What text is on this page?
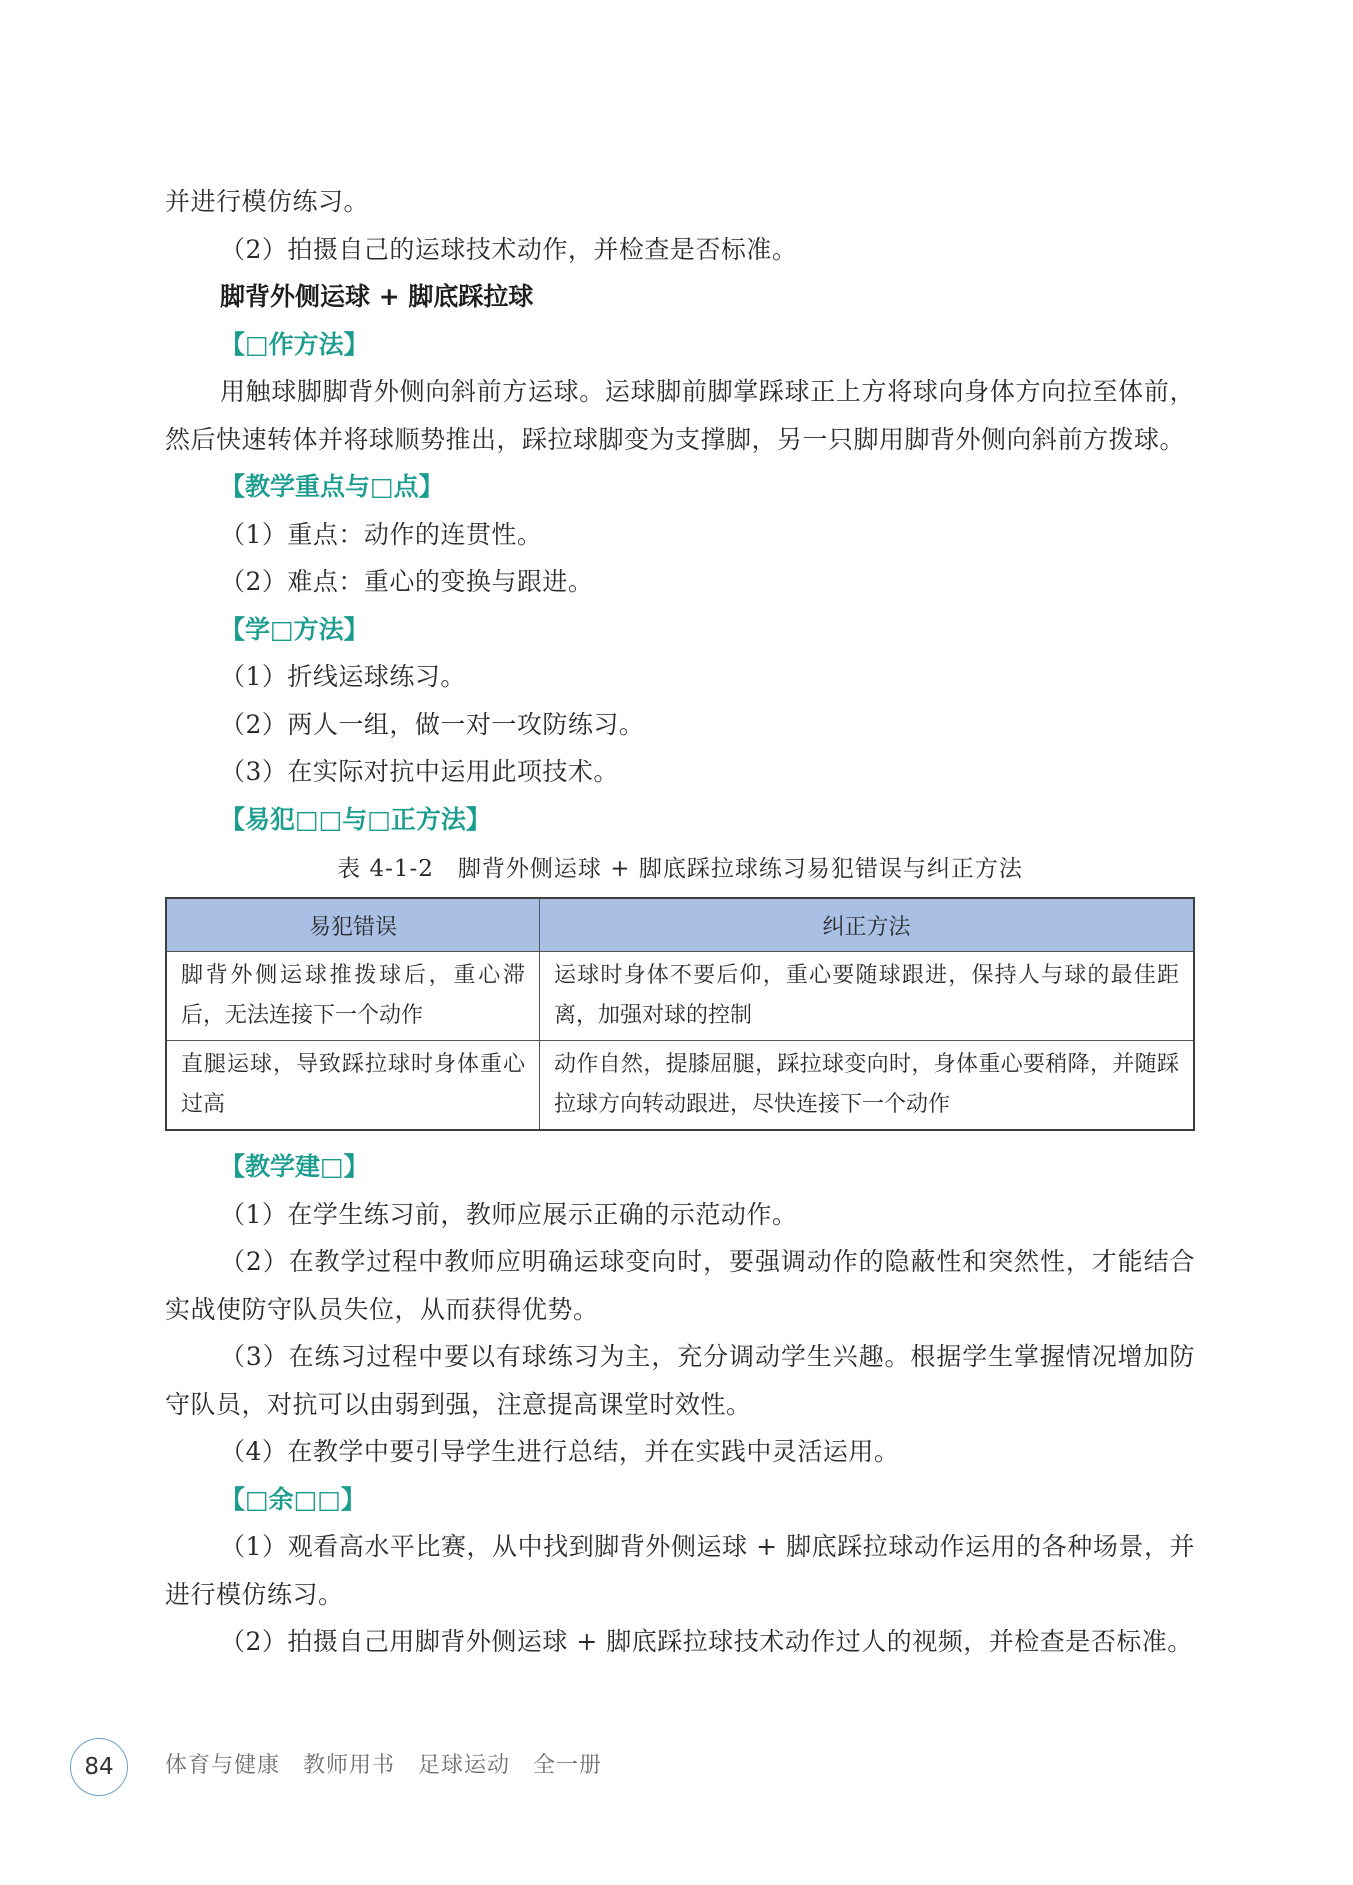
并进行模仿练习。

（2）拍摄自己的运球技术动作，并检查是否标准。

脚背外侧运球 + 脚底踩拉球

【□作方法】

用触球脚脚背外侧向斜前方运球。运球脚前脚掌踩球正上方将球向身体方向拉至体前，然后快速转体并将球顺势推出，踩拉球脚变为支撑脚，另一只脚用脚背外侧向斜前方拨球。

【教学重点与□点】

（1）重点：动作的连贯性。

（2）难点：重心的变换与跟进。

【学□方法】

（1）折线运球练习。

（2）两人一组，做一对一攻防练习。

（3）在实际对抗中运用此项技术。

【易犯□□与□正方法】

表 4-1-2　脚背外侧运球 + 脚底踩拉球练习易犯错误与纠正方法

易犯错误	纠正方法
脚背外侧运球推拨球后，重心滞后，无法连接下一个动作	运球时身体不要后仰，重心要随球跟进，保持人与球的最佳距离，加强对球的控制
直腿运球，导致踩拉球时身体重心过高	动作自然，提膝屈腿，踩拉球变向时，身体重心要稍降，并随踩拉球方向转动跟进，尽快连接下一个动作

【教学建□】

（1）在学生练习前，教师应展示正确的示范动作。

（2）在教学过程中教师应明确运球变向时，要强调动作的隐蔽性和突然性，才能结合实战使防守队员失位，从而获得优势。

（3）在练习过程中要以有球练习为主，充分调动学生兴趣。根据学生掌握情况增加防守队员，对抗可以由弱到强，注意提高课堂时效性。

（4）在教学中要引导学生进行总结，并在实践中灵活运用。

【□余□□】

（1）观看高水平比赛，从中找到脚背外侧运球 + 脚底踩拉球动作运用的各种场景，并进行模仿练习。

（2）拍摄自己用脚背外侧运球 + 脚底踩拉球技术动作过人的视频，并检查是否标准。

84	体育与健康　教师用书　足球运动　全一册
